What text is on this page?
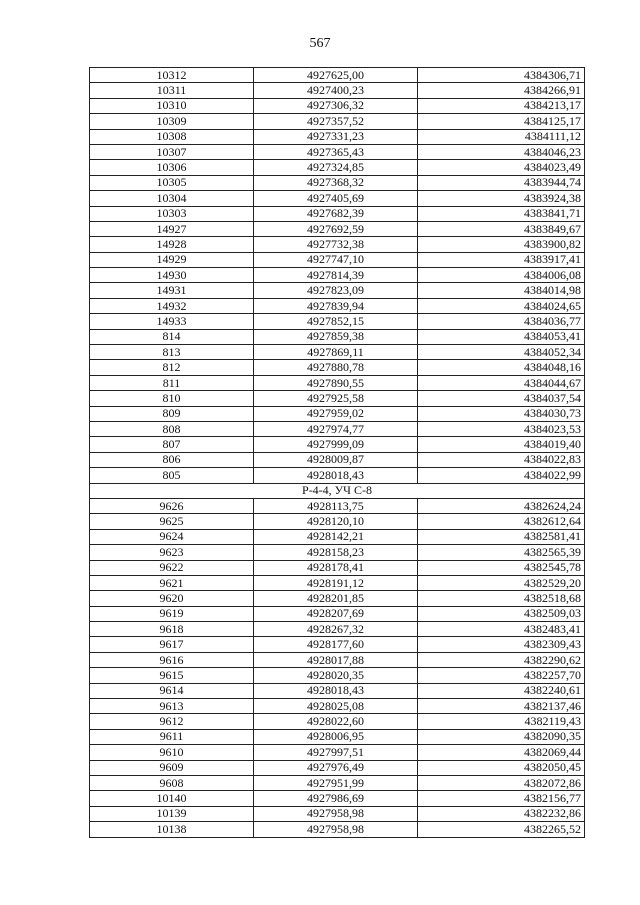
567
10312	4927625,00	4384306,71
10311	4927400,23	4384266,91
10310	4927306,32	4384213,17
10309	4927357,52	4384125,17
10308	4927331,23	4384111,12
10307	4927365,43	4384046,23
10306	4927324,85	4384023,49
10305	4927368,32	4383944,74
10304	4927405,69	4383924,38
10303	4927682,39	4383841,71
14927	4927692,59	4383849,67
14928	4927732,38	4383900,82
14929	4927747,10	4383917,41
14930	4927814,39	4384006,08
14931	4927823,09	4384014,98
14932	4927839,94	4384024,65
14933	4927852,15	4384036,77
814	4927859,38	4384053,41
813	4927869,11	4384052,34
812	4927880,78	4384048,16
811	4927890,55	4384044,67
810	4927925,58	4384037,54
809	4927959,02	4384030,73
808	4927974,77	4384023,53
807	4927999,09	4384019,40
806	4928009,87	4384022,83
805	4928018,43	4384022,99
Р-4-4, УЧ С-8		
9626	4928113,75	4382624,24
9625	4928120,10	4382612,64
9624	4928142,21	4382581,41
9623	4928158,23	4382565,39
9622	4928178,41	4382545,78
9621	4928191,12	4382529,20
9620	4928201,85	4382518,68
9619	4928207,69	4382509,03
9618	4928267,32	4382483,41
9617	4928177,60	4382309,43
9616	4928017,88	4382290,62
9615	4928020,35	4382257,70
9614	4928018,43	4382240,61
9613	4928025,08	4382137,46
9612	4928022,60	4382119,43
9611	4928006,95	4382090,35
9610	4927997,51	4382069,44
9609	4927976,49	4382050,45
9608	4927951,99	4382072,86
10140	4927986,69	4382156,77
10139	4927958,98	4382232,86
10138	4927958,98	4382265,52
